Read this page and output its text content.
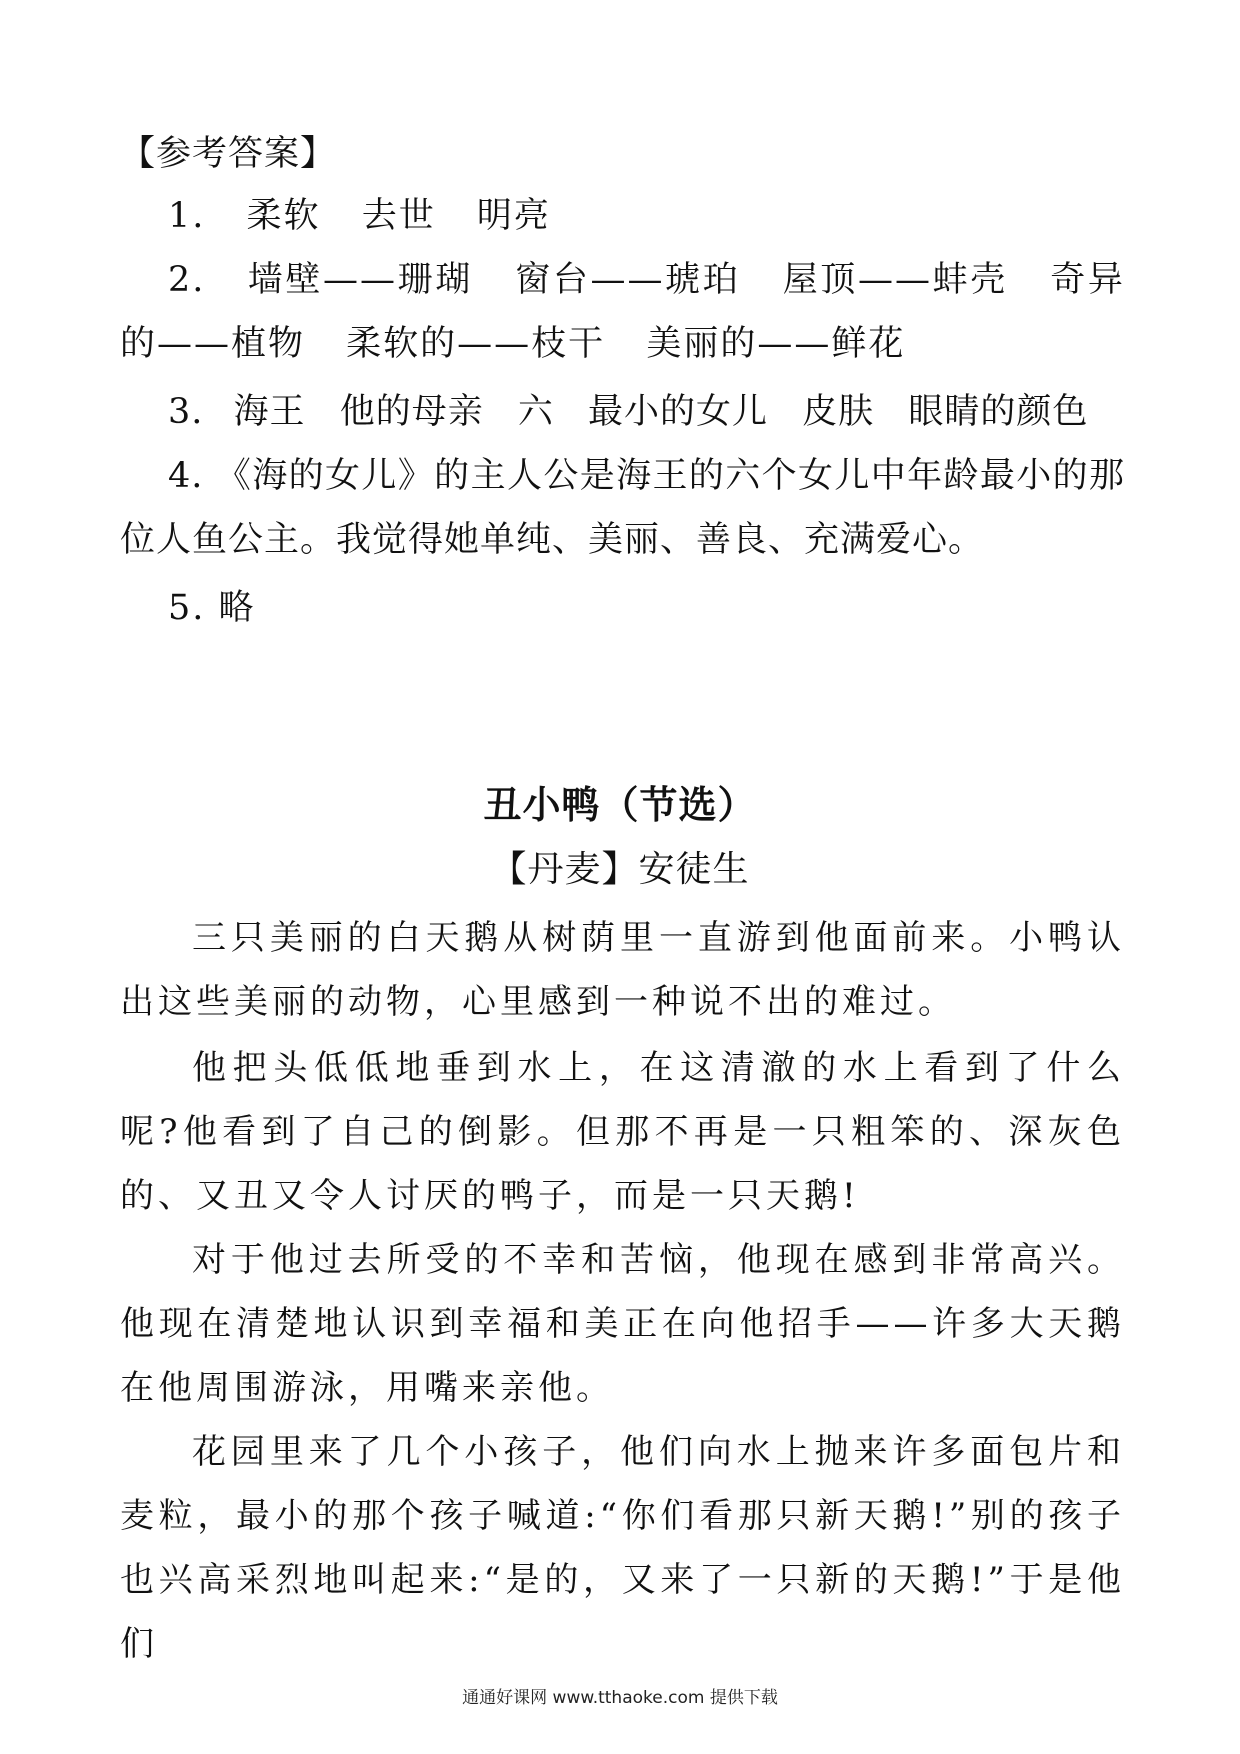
【参考答案】
1. 柔软 去世 明亮
2. 墙壁——珊瑚 窗台——琥珀 屋顶——蚌壳 奇异的——植物 柔软的——枝干 美丽的——鲜花
3. 海王 他的母亲 六 最小的女儿 皮肤 眼睛的颜色
4. 《海的女儿》的主人公是海王的六个女儿中年龄最小的那位人鱼公主。我觉得她单纯、美丽、善良、充满爱心。
5. 略
丑小鸭（节选）
【丹麦】安徒生

三只美丽的白天鹅从树荫里一直游到他面前来。小鸭认出这些美丽的动物，心里感到一种说不出的难过。

他把头低低地垂到水上，在这清澈的水上看到了什么呢?他看到了自己的倒影。但那不再是一只粗笨的、深灰色的、又丑又令人讨厌的鸭子，而是一只天鹅!

对于他过去所受的不幸和苦恼，他现在感到非常高兴。他现在清楚地认识到幸福和美正在向他招手——许多大天鹅在他周围游泳，用嘴来亲他。

花园里来了几个小孩子，他们向水上抛来许多面包片和麦粒，最小的那个孩子喊道:“你们看那只新天鹅!”别的孩子也兴高采烈地叫起来:“是的，又来了一只新的天鹅!”于是他们

通通好课网 www.tthaoke.com 提供下载
